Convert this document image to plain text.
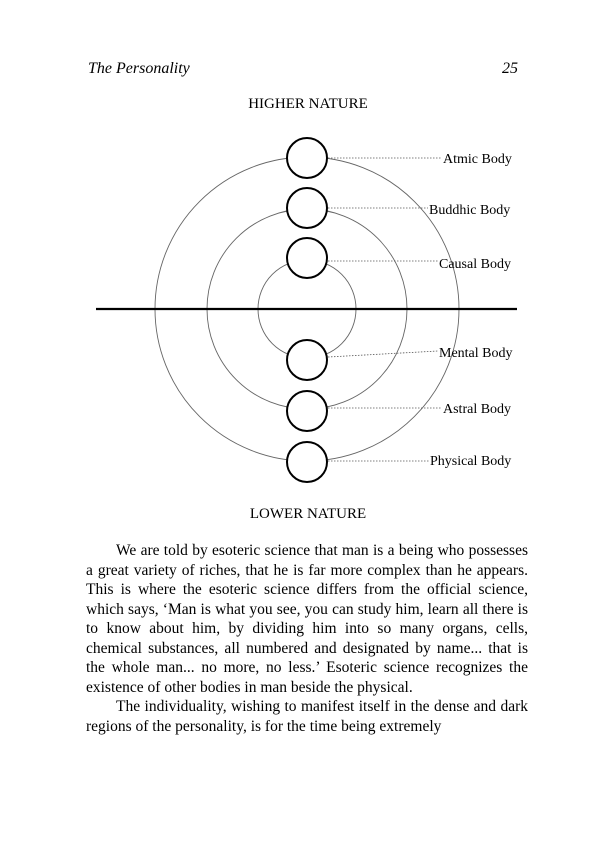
The Personality	25
HIGHER NATURE
Atmic Body
Buddhic Body
Causal Body
Mental Body
Astral Body
Physical Body
LOWER NATURE

We are told by esoteric science that man is a being who possesses a great variety of riches, that he is far more complex than he appears. This is where the esoteric science differs from the official science, which says, ‘Man is what you see, you can study him, learn all there is to know about him, by dividing him into so many organs, cells, chemical substances, all numbered and designated by name... that is the whole man... no more, no less.’ Esoteric science recognizes the existence of other bodies in man beside the physical.

The individuality, wishing to manifest itself in the dense and dark regions of the personality, is for the time being extremely
